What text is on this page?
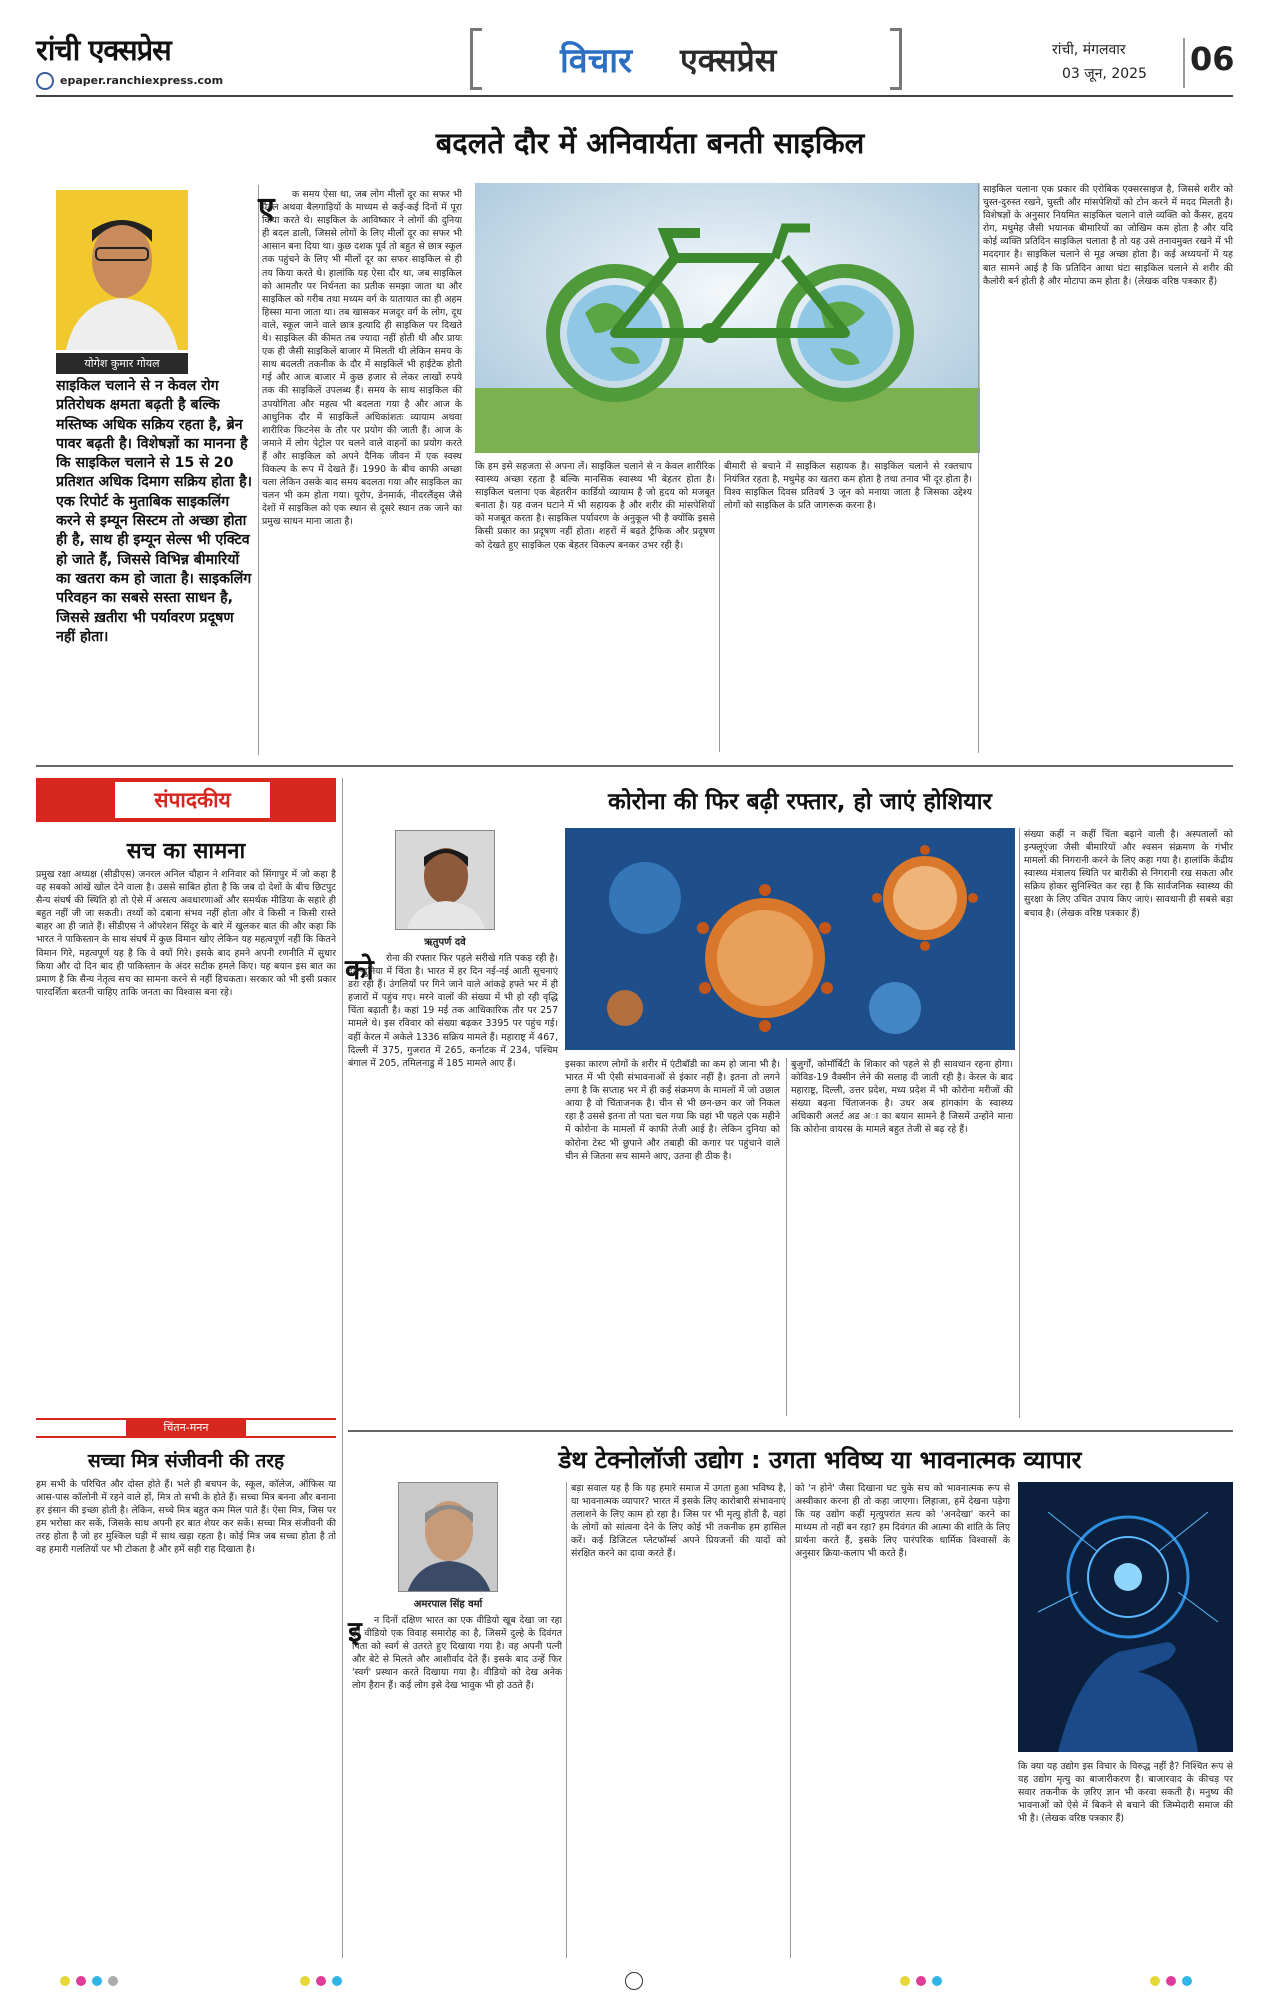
रांची एक्सप्रेस
epaper.ranchiexpress.com	विचार एक्सप्रेस	रांची, मंगलवार
03 जून, 2025 06
बदलते दौर में अनिवार्यता बनती साइकिल
योगेश कुमार गोयल
साइकिल चलाने से न केवल रोग प्रतिरोधक क्षमता बढ़ती है बल्कि मस्तिष्क अधिक सक्रिय रहता है, ब्रेन पावर बढ़ती है। विशेषज्ञों का मानना है कि साइकिल चलाने से 15 से 20 प्रतिशत अधिक दिमाग सक्रिय होता है। एक रिपोर्ट के मुताबिक साइकलिंग करने से इम्यून सिस्टम तो अच्छा होता ही है, साथ ही इम्यून सेल्स भी एक्टिव हो जाते हैं, जिससे विभिन्न बीमारियों का खतरा कम हो जाता है। साइकलिंग परिवहन का सबसे सस्ता साधन है, जिससे ख़तीरा भी पर्यावरण प्रदूषण नहीं होता।
ए	क समय ऐसा था, जब लोग मीलों दूर का सफर भी पैदल अथवा बैलगाड़ियों के माध्यम से कई-कई दिनों में पूरा किया करते थे। साइकिल के आविष्कार ने लोगों की दुनिया ही बदल डाली, जिससे लोगों के लिए मीलों दूर का सफर भी आसान बना दिया था। कुछ दशक पूर्व तो बहुत से छात्र स्कूल तक पहुंचने के लिए भी मीलों दूर का सफर साइकिल से ही तय किया करते थे। हालांकि यह ऐसा दौर था, जब साइकिल को आमतौर पर निर्धनता का प्रतीक समझा जाता था और साइकिल को गरीब तथा मध्यम वर्ग के यातायात का ही अहम हिस्सा माना जाता था। तब खासकर मजदूर वर्ग के लोग, दूध वाले, स्कूल जाने वाले छात्र इत्यादि ही साइकिल पर दिखते थे। साइकिल की कीमत तब ज्यादा नहीं होती थी और प्रायः एक ही जैसी साइकिलें बाजार में मिलती थी लेकिन समय के साथ बदलती तकनीक के दौर में साइकिलें भी हाईटेक होती गई और आज बाजार में कुछ हजार से लेकर लाखों रुपये तक की साइकिलें उपलब्ध हैं। समय के साथ साइकिल की उपयोगिता और महत्व भी बदलता गया है और आज के आधुनिक दौर में साइकिलें अधिकांशतः व्यायाम अथवा शारीरिक फिटनेस के तौर पर प्रयोग की जाती हैं। आज के जमाने में लोग पेट्रोल पर चलने वाले वाहनों का प्रयोग करते हैं और साइकिल को अपने दैनिक जीवन में एक स्वस्थ विकल्प के रूप में देखते हैं। 1990 के बीच काफी अच्छा चला लेकिन उसके बाद समय बदलता गया और साइकिल का चलन भी कम होता गया। यूरोप, डेनमार्क, नीदरलैंड्स जैसे देशों में साइकिल को एक स्थान से दूसरे स्थान तक जाने का प्रमुख साधन माना जाता है।
कि हम इसे सहजता से अपना लें। साइकिल चलाने से न केवल शारीरिक स्वास्थ्य अच्छा रहता है बल्कि मानसिक स्वास्थ्य भी बेहतर होता है। साइकिल चलाना एक बेहतरीन कार्डियो व्यायाम है जो हृदय को मजबूत बनाता है। यह वजन घटाने में भी सहायक है और शरीर की मांसपेशियों को मजबूत करता है। साइकिल पर्यावरण के अनुकूल भी है क्योंकि इससे किसी प्रकार का प्रदूषण नहीं होता। शहरों में बढ़ते ट्रैफिक और प्रदूषण को देखते हुए साइकिल एक बेहतर विकल्प बनकर उभर रही है।
बीमारी से बचाने में साइकिल सहायक है। साइकिल चलाने से रक्तचाप नियंत्रित रहता है, मधुमेह का खतरा कम होता है तथा तनाव भी दूर होता है। विश्व साइकिल दिवस प्रतिवर्ष 3 जून को मनाया जाता है जिसका उद्देश्य लोगों को साइकिल के प्रति जागरूक करना है।
साइकिल चलाना एक प्रकार की एरोबिक एक्सरसाइज है, जिससे शरीर को चुस्त-दुरुस्त रखने, चुस्ती और मांसपेशियों को टोन करने में मदद मिलती है। विशेषज्ञों के अनुसार नियमित साइकिल चलाने वाले व्यक्ति को कैंसर, हृदय रोग, मधुमेह जैसी भयानक बीमारियों का जोखिम कम होता है और यदि कोई व्यक्ति प्रतिदिन साइकिल चलाता है तो यह उसे तनावमुक्त रखने में भी मददगार है। साइकिल चलाने से मूड अच्छा होता है। कई अध्ययनों में यह बात सामने आई है कि प्रतिदिन आधा घंटा साइकिल चलाने से शरीर की कैलोरी बर्न होती है और मोटापा कम होता है। (लेखक वरिष्ठ पत्रकार हैं)
संपादकीय
सच का सामना
प्रमुख रक्षा अध्यक्ष (सीडीएस) जनरल अनिल चौहान ने शनिवार को सिंगापुर में जो कहा है वह सबको आंखें खोल देने वाला है। उससे साबित होता है कि जब दो देशों के बीच छिटपुट सैन्य संघर्ष की स्थिति हो तो ऐसे में असत्य अवधारणाओं और समर्थक मीडिया के सहारे ही बहुत नहीं जी जा सकती। तथ्यों को दबाना संभव नहीं होता और वे किसी न किसी रास्ते बाहर आ ही जाते हैं। सीडीएस ने ऑपरेशन सिंदूर के बारे में खुलकर बात की और कहा कि भारत ने पाकिस्तान के साथ संघर्ष में कुछ विमान खोए लेकिन यह महत्वपूर्ण नहीं कि कितने विमान गिरे, महत्वपूर्ण यह है कि वे क्यों गिरे। इसके बाद हमने अपनी रणनीति में सुधार किया और दो दिन बाद ही पाकिस्तान के अंदर सटीक हमले किए। यह बयान इस बात का प्रमाण है कि सैन्य नेतृत्व सच का सामना करने से नहीं हिचकता। सरकार को भी इसी प्रकार पारदर्शिता बरतनी चाहिए ताकि जनता का विश्वास बना रहे।
चिंतन-मनन
सच्चा मित्र संजीवनी की तरह
हम सभी के परिचित और दोस्त होते हैं। भले ही बचपन के, स्कूल, कॉलेज, ऑफिस या आस-पास कॉलोनी में रहने वाले हों, मित्र तो सभी के होते हैं। सच्चा मित्र बनना और बनाना हर इंसान की इच्छा होती है। लेकिन, सच्चे मित्र बहुत कम मिल पाते हैं। ऐसा मित्र, जिस पर हम भरोसा कर सकें, जिसके साथ अपनी हर बात शेयर कर सकें। सच्चा मित्र संजीवनी की तरह होता है जो हर मुश्किल घड़ी में साथ खड़ा रहता है। कोई मित्र जब सच्चा होता है तो वह हमारी गलतियों पर भी टोकता है और हमें सही राह दिखाता है।
कोरोना की फिर बढ़ी रफ्तार, हो जाएं होशियार
ऋतुपर्ण दवे
को	रोना की रफ्तार फिर पहले सरीखे गति पकड़ रही है। देश-दुनिया में चिंता है। भारत में हर दिन नई-नई आती सूचनाएं डरा रही हैं। उंगलियों पर गिने जाने वाले आंकड़े हफ्ते भर में ही हजारों में पहुंच गए। मरने वालों की संख्या में भी हो रही वृद्धि चिंता बढ़ाती है। कहां 19 मई तक आधिकारिक तौर पर 257 मामले थे। इस रविवार को संख्या बढ़कर 3395 पर पहुंच गई। वहीं केरल में अकेले 1336 सक्रिय मामले हैं। महाराष्ट्र में 467, दिल्ली में 375, गुजरात में 265, कर्नाटक में 234, पश्चिम बंगाल में 205, तमिलनाडु में 185 मामले आए हैं।	इसका कारण लोगों के शरीर में एंटीबॉडी का कम हो जाना भी है। भारत में भी ऐसी संभावनाओं से इंकार नहीं है। इतना तो लगने लगा है कि सप्ताह भर में ही कई संक्रमण के मामलों में जो उछाल आया है वो चिंताजनक है। चीन से भी छन-छन कर जो निकल रहा है उससे इतना तो पता चल गया कि वहां भी पहले एक महीने में कोरोना के मामलों में काफी तेजी आई है। लेकिन दुनिया को कोरोना टेस्ट भी छुपाने और तबाही की कगार पर पहुंचाने वाले चीन से जितना सच सामने आए, उतना ही ठीक है।
बुजुर्गों, कोमॉर्बिटी के शिकार को पहले से ही सावधान रहना होगा। कोविड-19 वैक्सीन लेने की सलाह दी जाती रही है। केरल के बाद महाराष्ट्र, दिल्ली, उत्तर प्रदेश, मध्य प्रदेश में भी कोरोना मरीजों की संख्या बढ़ना चिंताजनक है। उधर अब हांगकांग के स्वास्थ्य अधिकारी अलर्ट अड अा का बयान सामने है जिसमें उन्होंने माना कि कोरोना वायरस के मामले बहुत तेजी से बढ़ रहे हैं।
संख्या कहीं न कहीं चिंता बढ़ाने वाली है। अस्पतालों को इन्फ्लूएंजा जैसी बीमारियों और श्वसन संक्रमण के गंभीर मामलों की निगरानी करने के लिए कहा गया है। हालांकि केंद्रीय स्वास्थ्य मंत्रालय स्थिति पर बारीकी से निगरानी रख सकता और सक्रिय होकर सुनिश्चित कर रहा है कि सार्वजनिक स्वास्थ्य की सुरक्षा के लिए उचित उपाय किए जाएं। सावधानी ही सबसे बड़ा बचाव है। (लेखक वरिष्ठ पत्रकार हैं)
डेथ टेक्नोलॉजी उद्योग : उगता भविष्य या भावनात्मक व्यापार
अमरपाल सिंह वर्मा
इ	न दिनों दक्षिण भारत का एक वीडियो खूब देखा जा रहा है। वीडियो एक विवाह समारोह का है, जिसमें दुल्हे के दिवंगत पिता को स्वर्ग से उतरते हुए दिखाया गया है। वह अपनी पत्नी और बेटे से मिलते और आशीर्वाद देते हैं। इसके बाद उन्हें फिर 'स्वर्ग' प्रस्थान करते दिखाया गया है। वीडियो को देख अनेक लोग हैरान हैं। कई लोग इसे देख भावुक भी हो उठते हैं।
बड़ा सवाल यह है कि यह हमारे समाज में उगता हुआ भविष्य है, या भावनात्मक व्यापार? भारत में इसके लिए कारोबारी संभावनाएं तलाशने के लिए काम हो रहा है। जिस पर भी मृत्यु होती है, वहां के लोगों को सांत्वना देने के लिए कोई भी तकनीक हम हासिल करें। कई डिजिटल प्लेटफॉर्म्स अपने प्रियजनों की यादों को संरक्षित करने का दावा करते हैं।
को 'न होने' जैसा दिखाना घट चुके सच को भावनात्मक रूप से अस्वीकार करना ही तो कहा जाएगा। लिहाजा, हमें देखना पड़ेगा कि यह उद्योग कहीं मृत्युपरांत सत्य को 'अनदेखा' करने का माध्यम तो नहीं बन रहा? हम दिवंगत की आत्मा की शांति के लिए प्रार्थना करते हैं, इसके लिए पारंपरिक धार्मिक विश्वासों के अनुसार क्रिया-कलाप भी करते हैं।
कि क्या यह उद्योग इस विचार के विरुद्ध नहीं है? निश्चित रूप से यह उद्योग मृत्यु का बाजारीकरण है। बाजारवाद के कीचड़ पर सवार तकनीक के ज़रिए ज्ञान भी करवा सकती है। मनुष्य की भावनाओं को ऐसे में बिकने से बचाने की जिम्मेदारी समाज की भी है। (लेखक वरिष्ठ पत्रकार हैं)
